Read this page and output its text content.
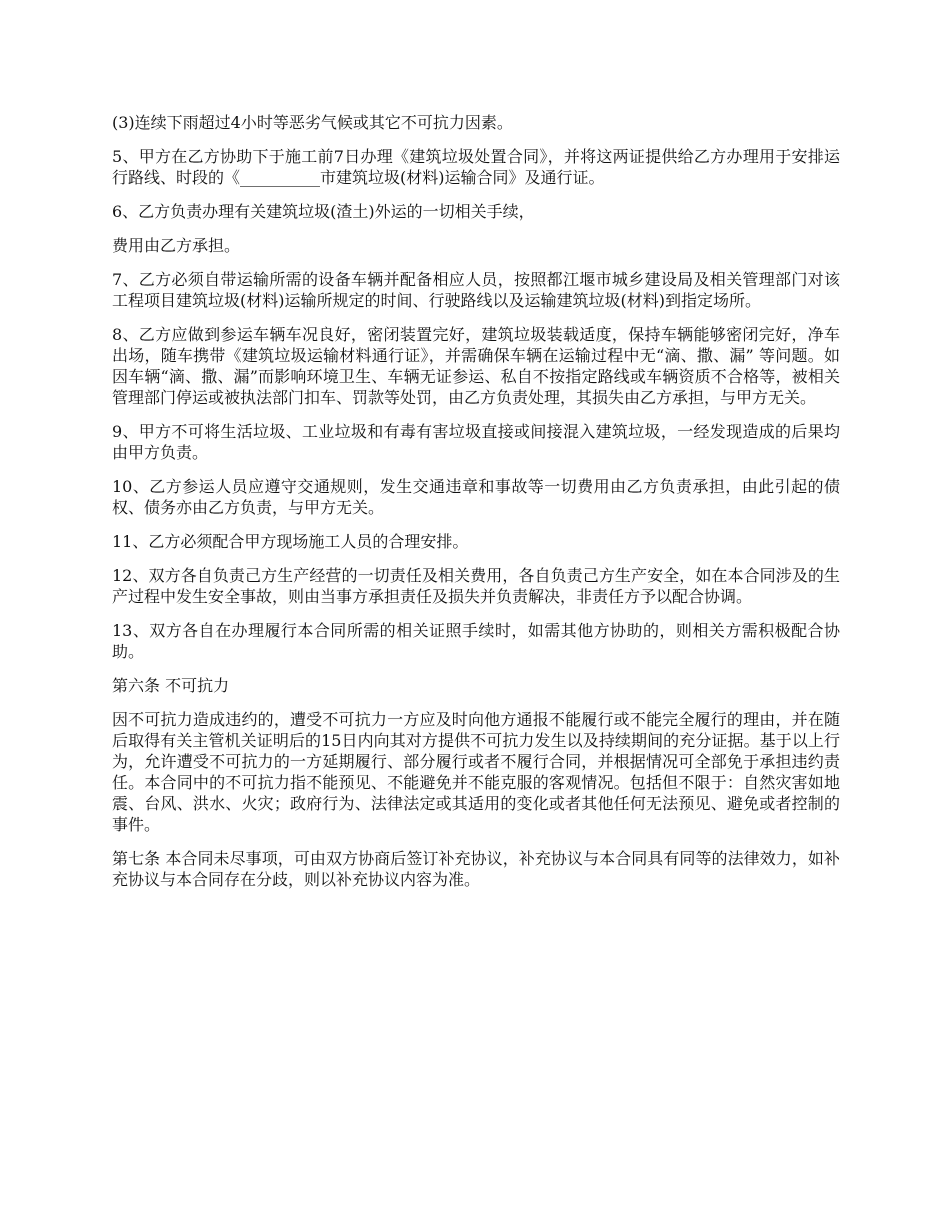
(3)连续下雨超过4小时等恶劣气候或其它不可抗力因素。

5、甲方在乙方协助下于施工前7日办理《建筑垃圾处置合同》，并将这两证提供给乙方办理用于安排运行路线、时段的《__________市建筑垃圾(材料)运输合同》及通行证。

6、乙方负责办理有关建筑垃圾(渣土)外运的一切相关手续，

费用由乙方承担。

7、乙方必须自带运输所需的设备车辆并配备相应人员，按照都江堰市城乡建设局及相关管理部门对该工程项目建筑垃圾(材料)运输所规定的时间、行驶路线以及运输建筑垃圾(材料)到指定场所。

8、乙方应做到参运车辆车况良好，密闭装置完好，建筑垃圾装载适度，保持车辆能够密闭完好，净车出场，随车携带《建筑垃圾运输材料通行证》，并需确保车辆在运输过程中无“滴、撒、漏” 等问题。如因车辆“滴、撒、漏”而影响环境卫生、车辆无证参运、私自不按指定路线或车辆资质不合格等，被相关管理部门停运或被执法部门扣车、罚款等处罚，由乙方负责处理，其损失由乙方承担，与甲方无关。

9、甲方不可将生活垃圾、工业垃圾和有毒有害垃圾直接或间接混入建筑垃圾，一经发现造成的后果均由甲方负责。

10、乙方参运人员应遵守交通规则，发生交通违章和事故等一切费用由乙方负责承担，由此引起的债权、债务亦由乙方负责，与甲方无关。

11、乙方必须配合甲方现场施工人员的合理安排。

12、双方各自负责己方生产经营的一切责任及相关费用，各自负责己方生产安全，如在本合同涉及的生产过程中发生安全事故，则由当事方承担责任及损失并负责解决，非责任方予以配合协调。

13、双方各自在办理履行本合同所需的相关证照手续时，如需其他方协助的，则相关方需积极配合协助。

第六条 不可抗力

因不可抗力造成违约的，遭受不可抗力一方应及时向他方通报不能履行或不能完全履行的理由，并在随后取得有关主管机关证明后的15日内向其对方提供不可抗力发生以及持续期间的充分证据。基于以上行为，允许遭受不可抗力的一方延期履行、部分履行或者不履行合同，并根据情况可全部免于承担违约责任。本合同中的不可抗力指不能预见、不能避免并不能克服的客观情况。包括但不限于：自然灾害如地震、台风、洪水、火灾；政府行为、法律法定或其适用的变化或者其他任何无法预见、避免或者控制的事件。

第七条 本合同未尽事项，可由双方协商后签订补充协议，补充协议与本合同具有同等的法律效力，如补充协议与本合同存在分歧，则以补充协议内容为准。
